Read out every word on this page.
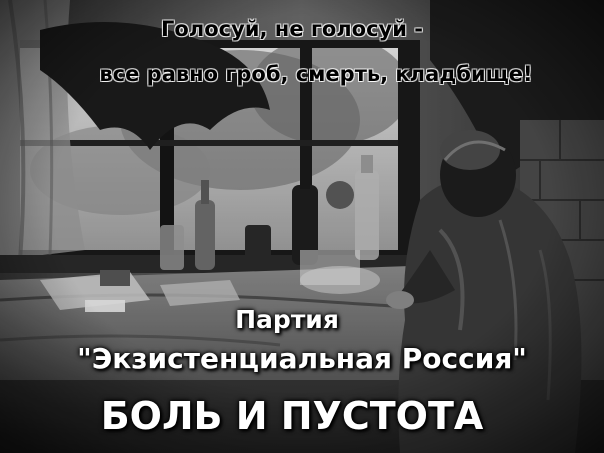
Голосуй, не голосуй -
все равно гроб, смерть, кладбище!
Партия
"Экзистенциальная Россия"
БОЛЬ И ПУСТОТА
